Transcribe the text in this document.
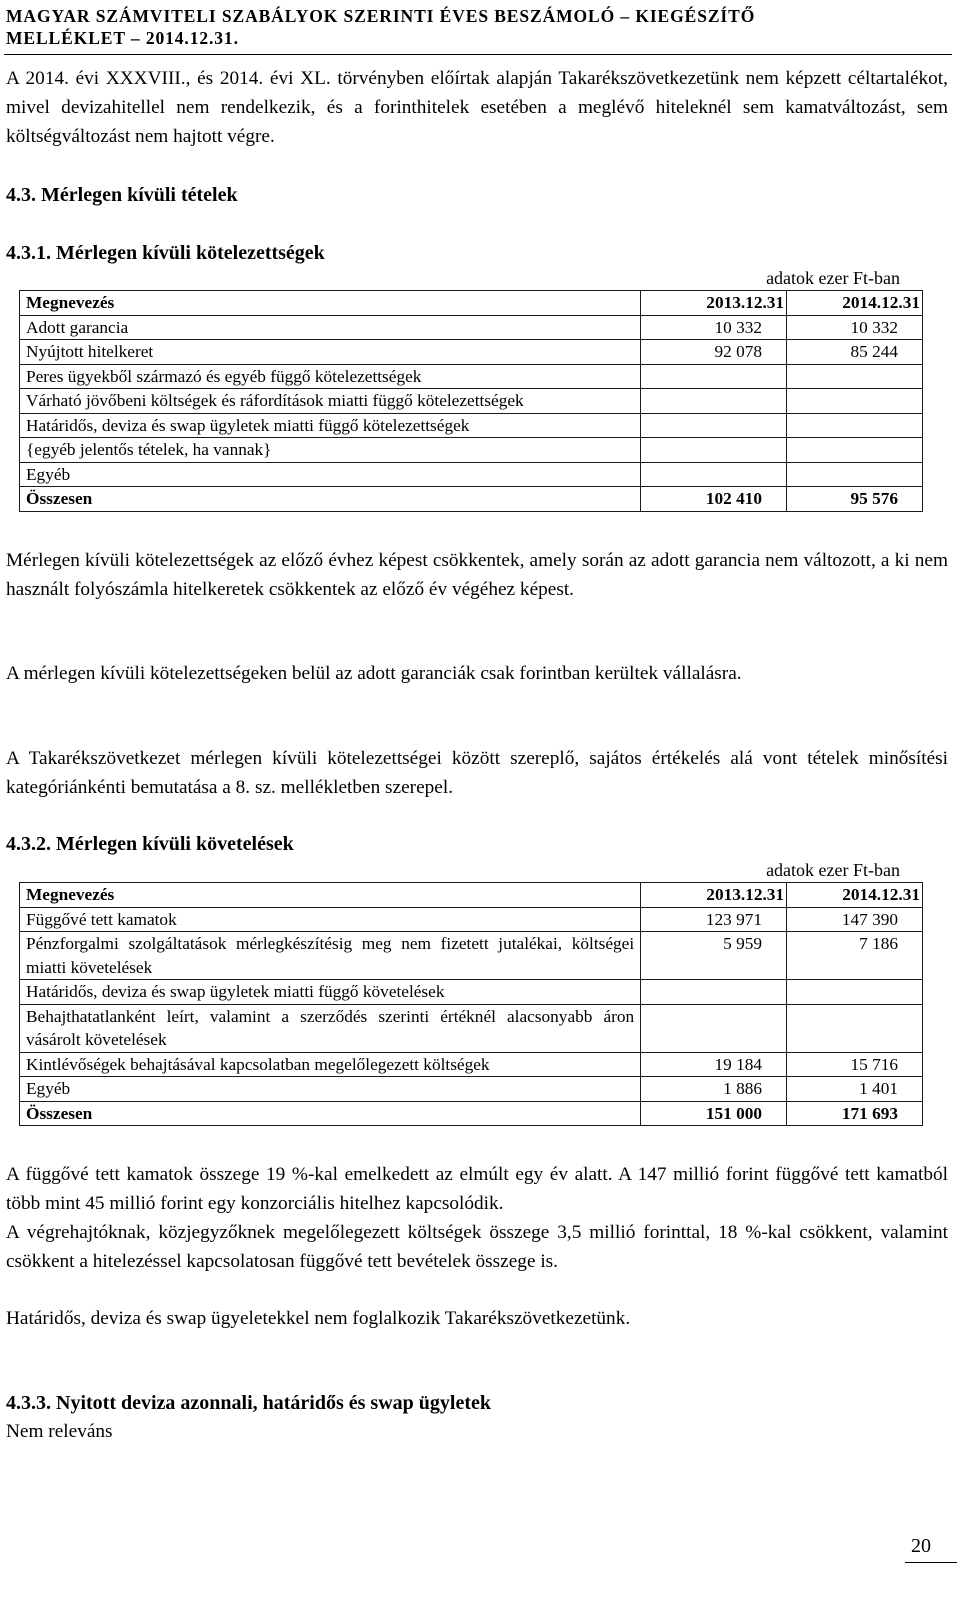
MAGYAR SZÁMVITELI SZABÁLYOK SZERINTI ÉVES BESZÁMOLÓ – KIEGÉSZÍTŐ
MELLÉKLET – 2014.12.31.
A 2014. évi XXXVIII., és 2014. évi XL. törvényben előírtak alapján Takarékszövetkezetünk nem képzett céltartalékot, mivel devizahitellel nem rendelkezik, és a forinthitelek esetében a meglévő hiteleknél sem kamatváltozást, sem költségváltozást nem hajtott végre.
4.3. Mérlegen kívüli tételek
4.3.1. Mérlegen kívüli kötelezettségek
adatok ezer Ft-ban
Megnevezés	2013.12.31	2014.12.31
Adott garancia	10 332	10 332
Nyújtott hitelkeret	92 078	85 244
Peres ügyekből származó és egyéb függő kötelezettségek		
Várható jövőbeni költségek és ráfordítások miatti függő kötelezettségek		
Határidős, deviza és swap ügyletek miatti függő kötelezettségek		
{egyéb jelentős tételek, ha vannak}		
Egyéb		
Összesen	102 410	95 576
Mérlegen kívüli kötelezettségek az előző évhez képest csökkentek, amely során az adott garancia nem változott, a ki nem használt folyószámla hitelkeretek csökkentek az előző év végéhez képest.
A mérlegen kívüli kötelezettségeken belül az adott garanciák csak forintban kerültek vállalásra.
A Takarékszövetkezet mérlegen kívüli kötelezettségei között szereplő, sajátos értékelés alá vont tételek minősítési kategóriánkénti bemutatása a 8. sz. mellékletben szerepel.
4.3.2. Mérlegen kívüli követelések
adatok ezer Ft-ban
Megnevezés	2013.12.31	2014.12.31
Függővé tett kamatok	123 971	147 390
Pénzforgalmi szolgáltatások mérlegkészítésig meg nem fizetett jutalékai, költségei miatti követelések	5 959	7 186
Határidős, deviza és swap ügyletek miatti függő követelések		
Behajthatatlanként leírt, valamint a szerződés szerinti értéknél alacsonyabb áron vásárolt követelések		
Kintlévőségek behajtásával kapcsolatban megelőlegezett költségek	19 184	15 716
Egyéb	1 886	1 401
Összesen	151 000	171 693
A függővé tett kamatok összege 19 %-kal emelkedett az elmúlt egy év alatt. A 147 millió forint függővé tett kamatból több mint 45 millió forint egy konzorciális hitelhez kapcsolódik.
A végrehajtóknak, közjegyzőknek megelőlegezett költségek összege 3,5 millió forinttal, 18 %-kal csökkent, valamint csökkent a hitelezéssel kapcsolatosan függővé tett bevételek összege is.
Határidős, deviza és swap ügyeletekkel nem foglalkozik Takarékszövetkezetünk.
4.3.3. Nyitott deviza azonnali, határidős és swap ügyletek
Nem releváns
20
